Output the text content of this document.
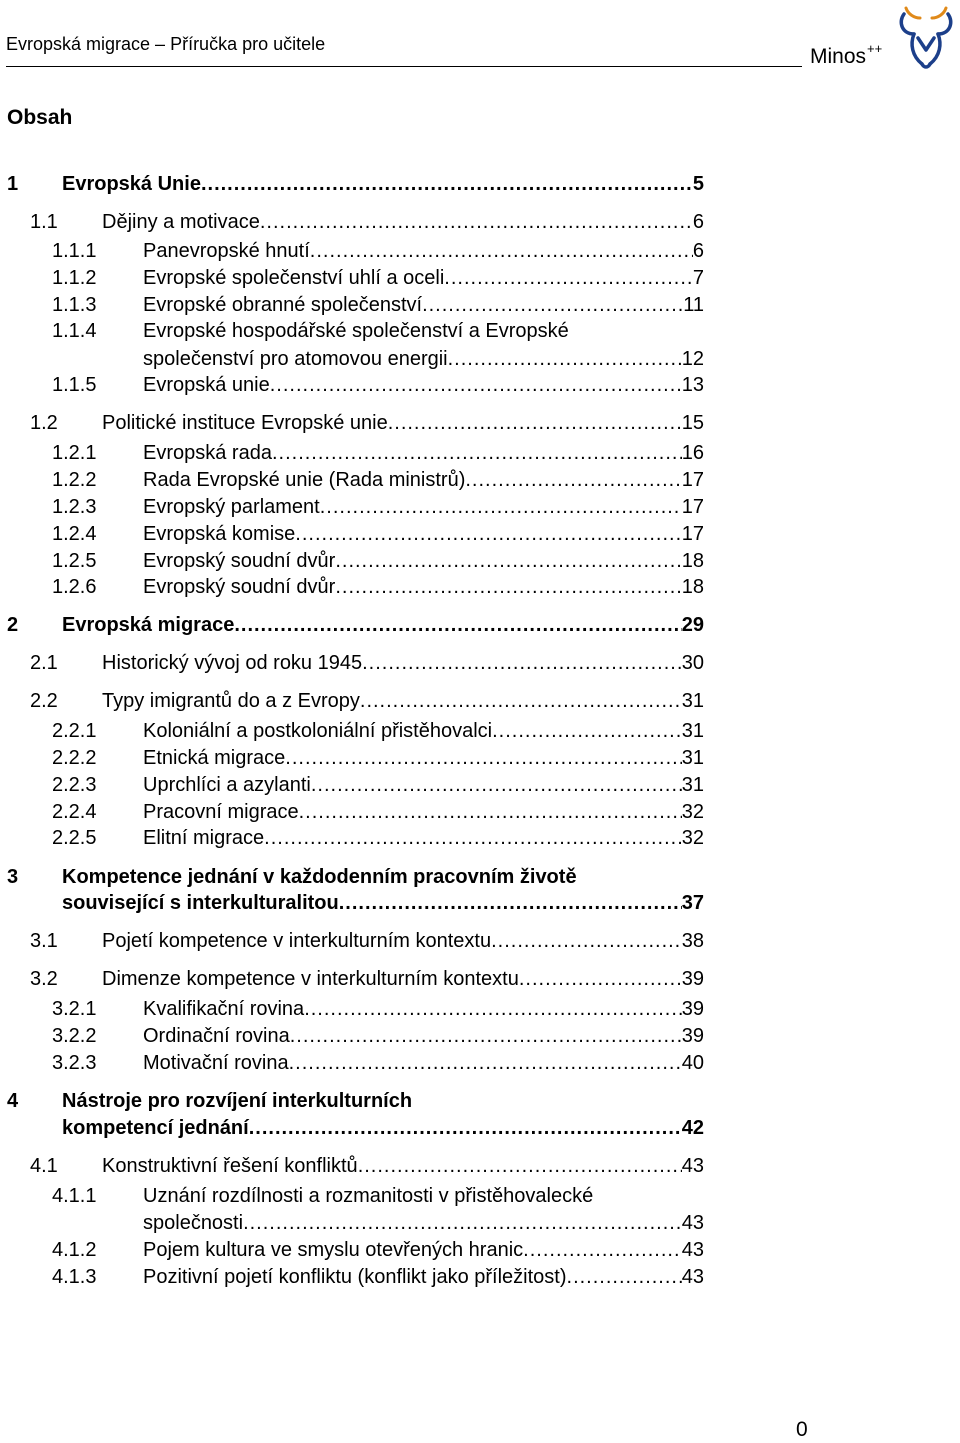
Evropská migrace – Příručka pro učitele
Minos++
Obsah
1 Evropská Unie .....	5
1.1 Dějiny a motivace .....	6
1.1.1 Panevropské hnutí .....	6
1.1.2 Evropské společenství uhlí a oceli .....	7
1.1.3 Evropské obranné společenství .....	11
1.1.4 Evropské hospodářské společenství a Evropské
společenství pro atomovou energii .....	12
1.1.5 Evropská unie .....	13
1.2 Politické instituce Evropské unie .....	15
1.2.1 Evropská rada .....	16
1.2.2 Rada Evropské unie (Rada ministrů) .....	17
1.2.3 Evropský parlament .....	17
1.2.4 Evropská komise .....	17
1.2.5 Evropský soudní dvůr .....	18
1.2.6 Evropský soudní dvůr .....	18
2 Evropská migrace .....	29
2.1 Historický vývoj od roku 1945 .....	30
2.2 Typy imigrantů do a z Evropy .....	31
2.2.1 Koloniální a postkoloniální přistěhovalci .....	31
2.2.2 Etnická migrace .....	31
2.2.3 Uprchlíci a azylanti .....	31
2.2.4 Pracovní migrace .....	32
2.2.5 Elitní migrace .....	32
3 Kompetence jednání v každodenním pracovním životě
související s interkulturalitou .....	37
3.1 Pojetí kompetence v interkulturním kontextu .....	38
3.2 Dimenze kompetence v interkulturním kontextu .....	39
3.2.1 Kvalifikační rovina .....	39
3.2.2 Ordinační rovina .....	39
3.2.3 Motivační rovina .....	40
4 Nástroje pro rozvíjení interkulturních
kompetencí jednání .....	42
4.1 Konstruktivní řešení konfliktů .....	43
4.1.1 Uznání rozdílnosti a rozmanitosti v přistěhovalecké
společnosti .....	43
4.1.2 Pojem kultura ve smyslu otevřených hranic .....	43
4.1.3 Pozitivní pojetí konfliktu (konflikt jako příležitost) .....	43
0
